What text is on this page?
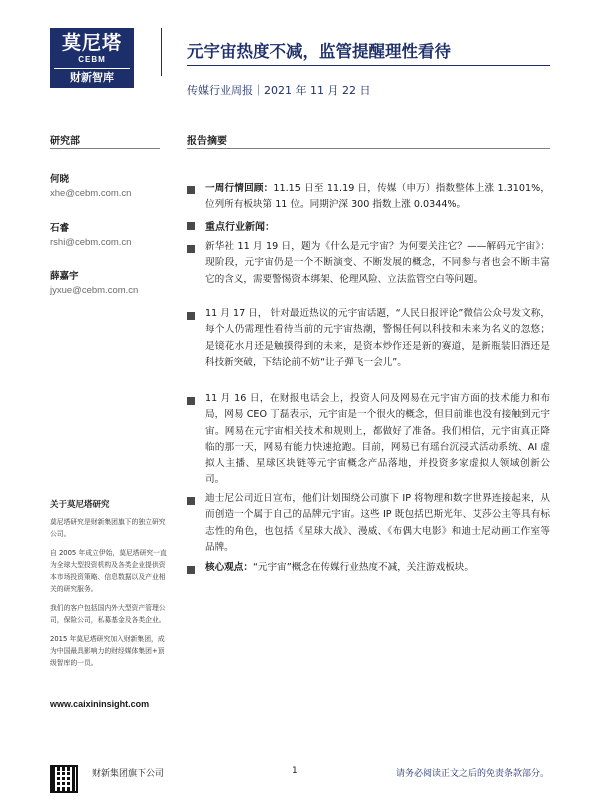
莫尼塔
CEBM
财新智库
元宇宙热度不减，监管提醒理性看待
传媒行业周报｜2021 年 11 月 22 日
研究部	报告摘要
何晓
xhe@cebm.com.cn
石睿
rshi@cebm.com.cn
薛嘉宇
jyxue@cebm.com.cn
关于莫尼塔研究

莫尼塔研究是财新集团旗下的独立研究公司。

自 2005 年成立伊始，莫尼塔研究一直为全球大型投资机构及各类企业提供资本市场投资策略、信息数据以及产业相关的研究服务。

我们的客户包括国内外大型资产管理公司，保险公司，私募基金及各类企业。

2015 年莫尼塔研究加入财新集团，成为中国最具影响力的财经媒体集团+顶级智库的一员。

www.caixininsight.com
一周行情回顾：11.15 日至 11.19 日，传媒（申万）指数整体上涨 1.3101%，位列所有板块第 11 位。同期沪深 300 指数上涨 0.0344%。
重点行业新闻：
新华社 11 月 19 日，题为《什么是元宇宙？为何要关注它？——解码元宇宙》：现阶段，元宇宙仍是一个不断演变、不断发展的概念，不同参与者也会不断丰富它的含义，需要警惕资本绑架、伦理风险、立法监管空白等问题。
11 月 17 日， 针对最近热议的元宇宙话题，“人民日报评论”微信公众号发文称，每个人仍需理性看待当前的元宇宙热潮，警惕任何以科技和未来为名义的忽悠；是镜花水月还是触摸得到的未来，是资本炒作还是新的赛道，是新瓶装旧酒还是科技新突破，下结论前不妨“让子弹飞一会儿”。
11 月 16 日，在财报电话会上，投资人问及网易在元宇宙方面的技术能力和布局，网易 CEO 丁磊表示，元宇宙是一个很火的概念，但目前谁也没有接触到元宇宙。网易在元宇宙相关技术和规则上，都做好了准备。我们相信，元宇宙真正降临的那一天，网易有能力快速抢跑。目前，网易已有瑶台沉浸式活动系统、AI 虚拟人主播、星球区块链等元宇宙概念产品落地，并投资多家虚拟人领域创新公司。
迪士尼公司近日宣布，他们计划围绕公司旗下 IP 将物理和数字世界连接起来，从而创造一个属于自己的品牌元宇宙。这些 IP 既包括巴斯光年、艾莎公主等具有标志性的角色，也包括《星球大战》、漫威、《布偶大电影》和迪士尼动画工作室等品牌。
核心观点：“元宇宙”概念在传媒行业热度不减，关注游戏板块。
财新集团旗下公司	1	请务必阅读正文之后的免责条款部分。
